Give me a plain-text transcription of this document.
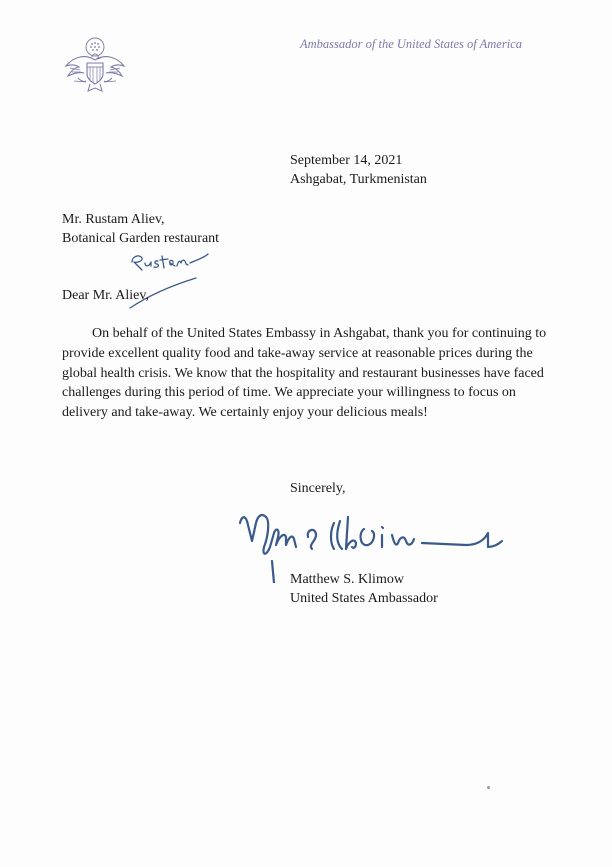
Ambassador of the United States of America
September 14, 2021
Ashgabat, Turkmenistan
Mr. Rustam Aliev,
Botanical Garden restaurant
Dear Mr. Aliev,
On behalf of the United States Embassy in Ashgabat, thank you for continuing to provide excellent quality food and take-away service at reasonable prices during the global health crisis. We know that the hospitality and restaurant businesses have faced challenges during this period of time. We appreciate your willingness to focus on delivery and take-away. We certainly enjoy your delicious meals!
Sincerely,
Matthew S. Klimow
United States Ambassador
